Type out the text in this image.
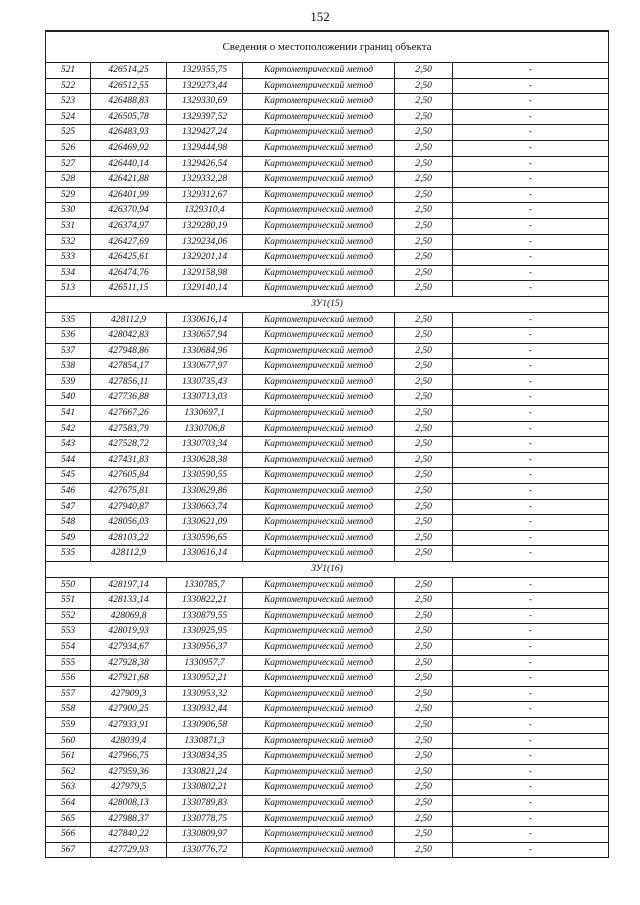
152
Сведения о местоположении границ объекта					
521	426514,25	1329355,75	Картометрический метод	2,50	-
522	426512,55	1329273,44	Картометрический метод	2,50	-
523	426488,83	1329330,69	Картометрический метод	2,50	-
524	426505,78	1329397,52	Картометрический метод	2,50	-
525	426483,93	1329427,24	Картометрический метод	2,50	-
526	426469,92	1329444,98	Картометрический метод	2,50	-
527	426440,14	1329426,54	Картометрический метод	2,50	-
528	426421,88	1329332,28	Картометрический метод	2,50	-
529	426401,99	1329312,67	Картометрический метод	2,50	-
530	426370,94	1329310,4	Картометрический метод	2,50	-
531	426374,97	1329280,19	Картометрический метод	2,50	-
532	426427,69	1329234,06	Картометрический метод	2,50	-
533	426425,61	1329201,14	Картометрический метод	2,50	-
534	426474,76	1329158,98	Картометрический метод	2,50	-
513	426511,15	1329140,14	Картометрический метод	2,50	-
ЗУ1(15)					
535	428112,9	1330616,14	Картометрический метод	2,50	-
536	428042,83	1330657,94	Картометрический метод	2,50	-
537	427948,86	1330684,96	Картометрический метод	2,50	-
538	427854,17	1330677,97	Картометрический метод	2,50	-
539	427856,11	1330735,43	Картометрический метод	2,50	-
540	427736,88	1330713,03	Картометрический метод	2,50	-
541	427667,26	1330697,1	Картометрический метод	2,50	-
542	427583,79	1330706,8	Картометрический метод	2,50	-
543	427528,72	1330703,34	Картометрический метод	2,50	-
544	427431,83	1330628,38	Картометрический метод	2,50	-
545	427605,84	1330590,55	Картометрический метод	2,50	-
546	427675,81	1330629,86	Картометрический метод	2,50	-
547	427940,87	1330663,74	Картометрический метод	2,50	-
548	428056,03	1330621,09	Картометрический метод	2,50	-
549	428103,22	1330596,65	Картометрический метод	2,50	-
535	428112,9	1330616,14	Картометрический метод	2,50	-
ЗУ1(16)					
550	428197,14	1330785,7	Картометрический метод	2,50	-
551	428133,14	1330822,21	Картометрический метод	2,50	-
552	428069,8	1330879,55	Картометрический метод	2,50	-
553	428019,93	1330925,95	Картометрический метод	2,50	-
554	427934,67	1330956,37	Картометрический метод	2,50	-
555	427928,38	1330957,7	Картометрический метод	2,50	-
556	427921,68	1330952,21	Картометрический метод	2,50	-
557	427909,3	1330953,32	Картометрический метод	2,50	-
558	427900,25	1330932,44	Картометрический метод	2,50	-
559	427933,91	1330906,58	Картометрический метод	2,50	-
560	428039,4	1330871,3	Картометрический метод	2,50	-
561	427966,75	1330834,35	Картометрический метод	2,50	-
562	427959,36	1330821,24	Картометрический метод	2,50	-
563	427979,5	1330802,21	Картометрический метод	2,50	-
564	428008,13	1330789,83	Картометрический метод	2,50	-
565	427988,37	1330778,75	Картометрический метод	2,50	-
566	427840,22	1330809,97	Картометрический метод	2,50	-
567	427729,93	1330776,72	Картометрический метод	2,50	-
